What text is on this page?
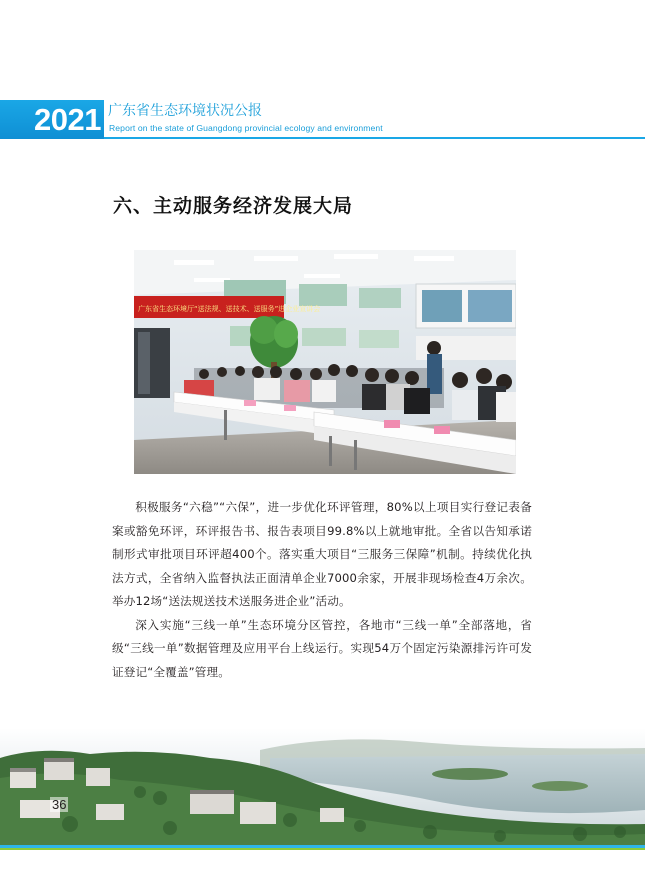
2021 广东省生态环境状况公报
Report on the state of Guangdong provincial ecology and environment
六、主动服务经济发展大局
广东省生态环境厅“送法规、送技术、送服务”进企业宣讲会

积极服务“六稳”“六保”，进一步优化环评管理，80%以上项目实行登记表备案或豁免环评，环评报告书、报告表项目99.8%以上就地审批。全省以告知承诺制形式审批项目环评超400个。落实重大项目“三服务三保障”机制。持续优化执法方式，全省纳入监督执法正面清单企业7000余家，开展非现场检查4万余次。举办12场“送法规送技术送服务进企业”活动。

深入实施“三线一单”生态环境分区管控，各地市“三线一单”全部落地，省级“三线一单”数据管理及应用平台上线运行。实现54万个固定污染源排污许可发证登记“全覆盖”管理。

36
